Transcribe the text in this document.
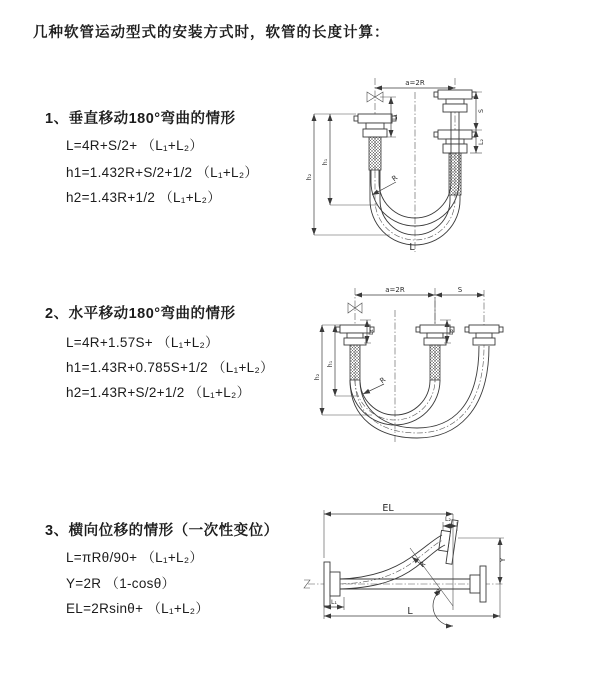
几种软管运动型式的安装方式时，软管的长度计算：
1、垂直移动180°弯曲的情形
L=4R+S/2+ （L₁+L₂）
h1=1.432R+S/2+1/2 （L₁+L₂）
h2=1.43R+1/2 （L₁+L₂）
2、水平移动180°弯曲的情形
L=4R+1.57S+ （L₁+L₂）
h1=1.43R+0.785S+1/2 （L₁+L₂）
h2=1.43R+S/2+1/2 （L₁+L₂）
3、横向位移的情形（一次性变位）
L=πRθ/90+ （L₁+L₂）
Y=2R （1-cosθ）
EL=2Rsinθ+ （L₁+L₂）
a=2R
L₁
S
L₂
h₁
h₂	R
L
a=2R	S
L₁	L₂
h₁
h₂	R
θ
R
EL
L₂
Y
L₁
L
